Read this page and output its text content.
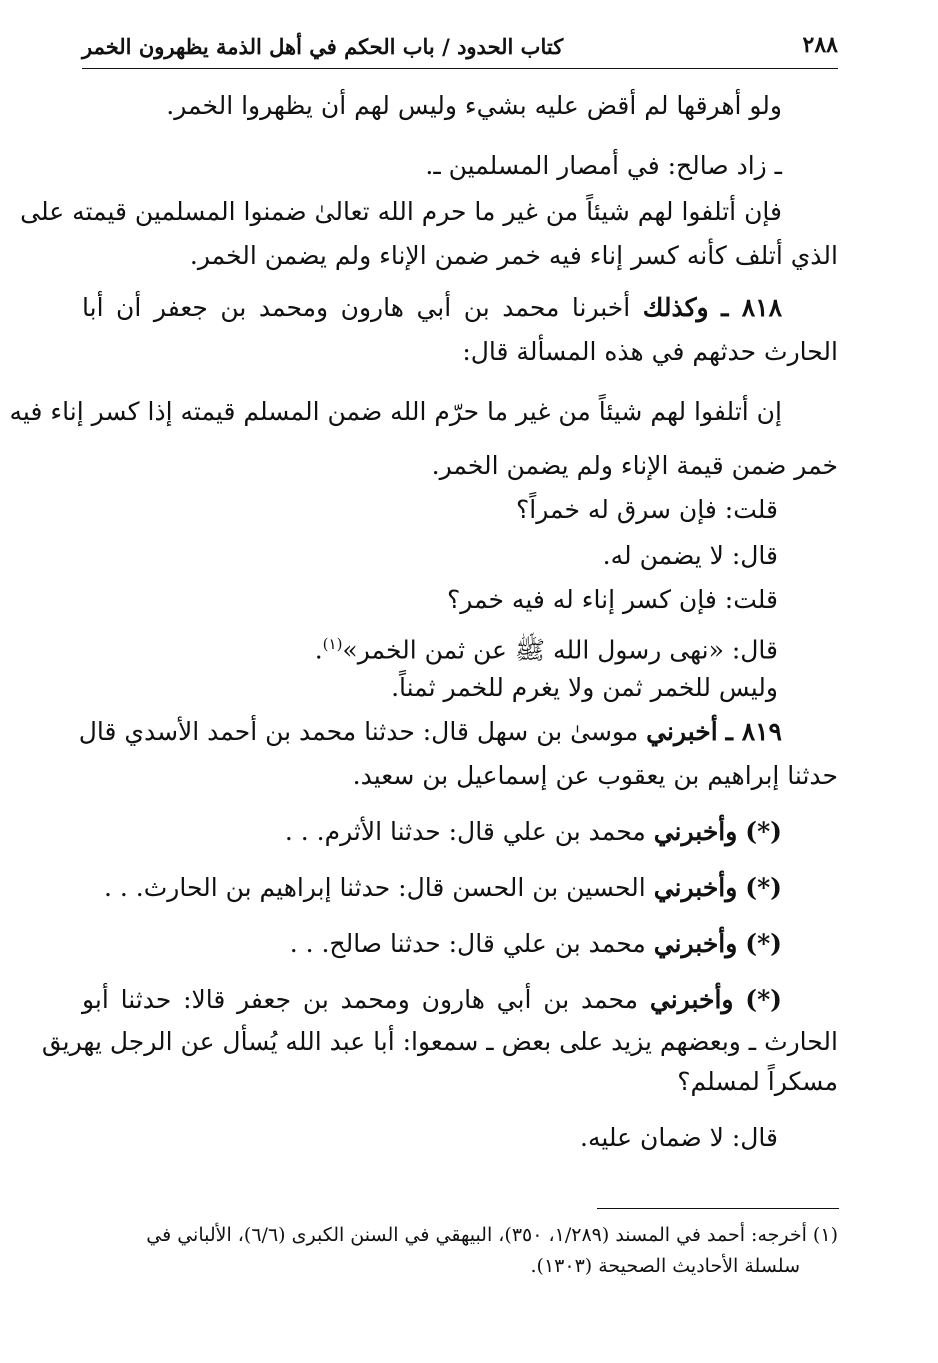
٢٨٨
كتاب الحدود / باب الحكم في أهل الذمة يظهرون الخمر
ولو أهرقها لم أقض عليه بشيء وليس لهم أن يظهروا الخمر.
ـ زاد صالح: في أمصار المسلمين ـ.
فإن أتلفوا لهم شيئاً من غير ما حرم الله تعالىٰ ضمنوا المسلمين قيمته على
الذي أتلف كأنه كسر إناء فيه خمر ضمن الإناء ولم يضمن الخمر.
٨١٨ ـ وكذلك أخبرنا محمد بن أبي هارون ومحمد بن جعفر أن أبا
الحارث حدثهم في هذه المسألة قال:
إن أتلفوا لهم شيئاً من غير ما حرّم الله ضمن المسلم قيمته إذا كسر إناء فيه
خمر ضمن قيمة الإناء ولم يضمن الخمر.
قلت: فإن سرق له خمراً؟
قال: لا يضمن له.
قلت: فإن كسر إناء له فيه خمر؟
قال: «نهى رسول الله ﷺ عن ثمن الخمر»$^{(١)}$.
وليس للخمر ثمن ولا يغرم للخمر ثمناً.
٨١٩ ـ أخبرني موسىٰ بن سهل قال: حدثنا محمد بن أحمد الأسدي قال
حدثنا إبراهيم بن يعقوب عن إسماعيل بن سعيد.
(*) وأخبرني محمد بن علي قال: حدثنا الأثرم. . .
(*) وأخبرني الحسين بن الحسن قال: حدثنا إبراهيم بن الحارث. . .
(*) وأخبرني محمد بن علي قال: حدثنا صالح. . .
(*) وأخبرني محمد بن أبي هارون ومحمد بن جعفر قالا: حدثنا أبو
الحارث ـ وبعضهم يزيد على بعض ـ سمعوا: أبا عبد الله يُسأل عن الرجل يهريق
مسكراً لمسلم؟
قال: لا ضمان عليه.
(١) أخرجه: أحمد في المسند (١/٢٨٩، ٣٥٠)، البيهقي في السنن الكبرى (٦/٦)، الألباني في
سلسلة الأحاديث الصحيحة (١٣٠٣).
